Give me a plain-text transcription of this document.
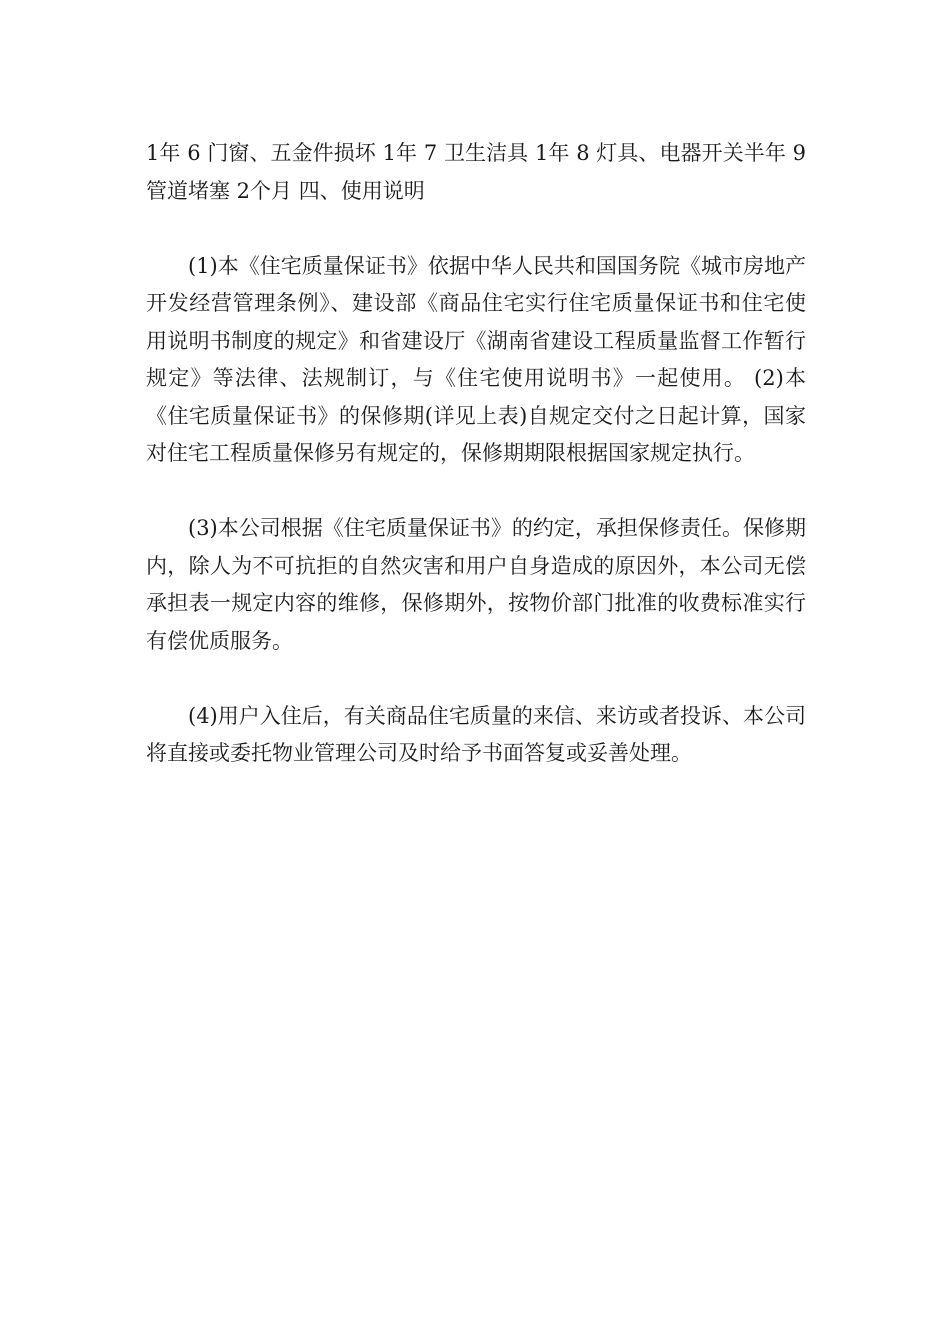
1年 6 门窗、五金件损坏 1年 7 卫生洁具 1年 8 灯具、电器开关半年 9 管道堵塞 2个月 四、使用说明

(1)本《住宅质量保证书》依据中华人民共和国国务院《城市房地产开发经营管理条例》、建设部《商品住宅实行住宅质量保证书和住宅使用说明书制度的规定》和省建设厅《湖南省建设工程质量监督工作暂行规定》等法律、法规制订，与《住宅使用说明书》一起使用。 (2)本《住宅质量保证书》的保修期(详见上表)自规定交付之日起计算，国家对住宅工程质量保修另有规定的，保修期期限根据国家规定执行。

(3)本公司根据《住宅质量保证书》的约定，承担保修责任。保修期内，除人为不可抗拒的自然灾害和用户自身造成的原因外，本公司无偿承担表一规定内容的维修，保修期外，按物价部门批准的收费标准实行有偿优质服务。

(4)用户入住后，有关商品住宅质量的来信、来访或者投诉、本公司将直接或委托物业管理公司及时给予书面答复或妥善处理。
